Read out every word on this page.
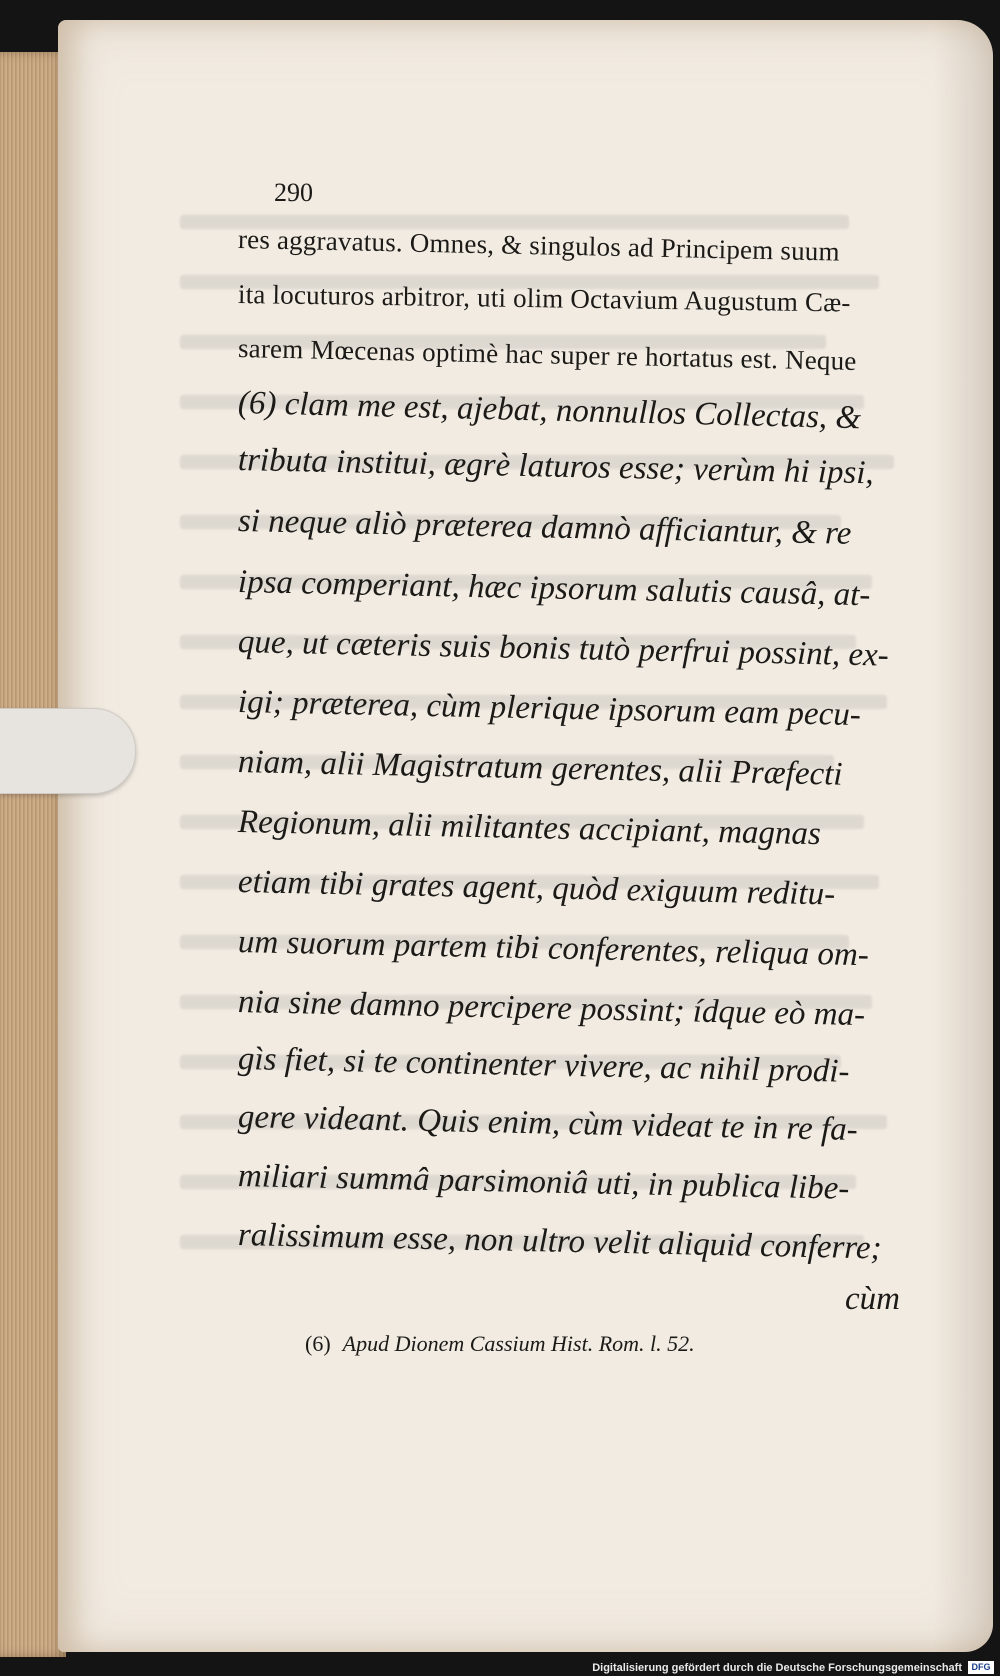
290
res aggravatus. Omnes, & singulos ad Principem suum
ita locuturos arbitror, uti olim Octavium Augustum Cæ-
sarem Mœcenas optimè hac super re hortatus est. Neque
(6) clam me est, ajebat, nonnullos Collectas, &
tributa institui, ægrè laturos esse; verùm hi ipsi,
si neque aliò præterea damnò afficiantur, & re
ipsa comperiant, hæc ipsorum salutis causâ, at-
que, ut cæteris suis bonis tutò perfrui possint, ex-
igi; præterea, cùm plerique ipsorum eam pecu-
niam, alii Magistratum gerentes, alii Præfecti
Regionum, alii militantes accipiant, magnas
etiam tibi grates agent, quòd exiguum reditu-
um suorum partem tibi conferentes, reliqua om-
nia sine damno percipere possint; ídque eò ma-
gìs fiet, si te continenter vivere, ac nihil prodi-
gere videant. Quis enim, cùm videat te in re fa-
miliari summâ parsimoniâ uti, in publica libe-
ralissimum esse, non ultro velit aliquid conferre;
cùm
(6) Apud Dionem Cassium Hist. Rom. l. 52.
Digitalisierung gefördert durch die Deutsche Forschungsgemeinschaft	DFG
